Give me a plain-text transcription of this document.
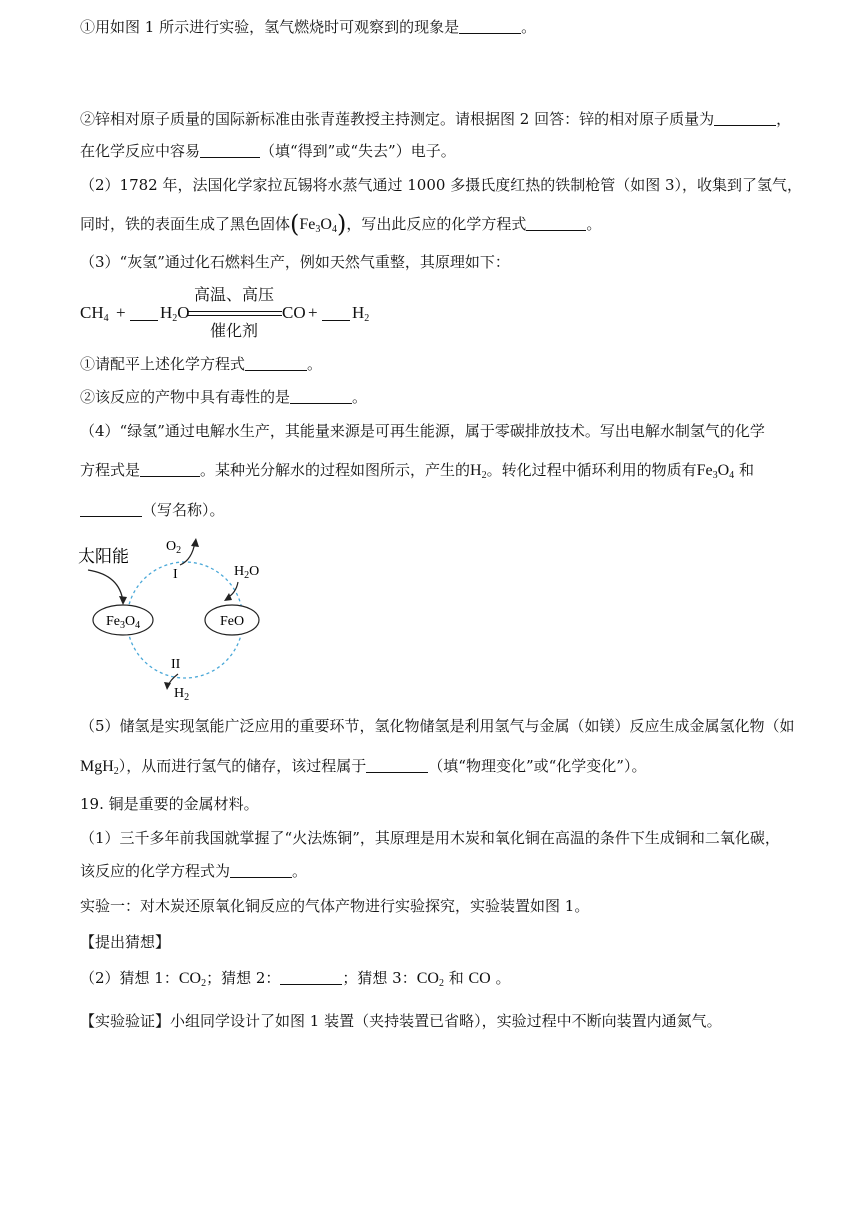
①用如图 1 所示进行实验，氢气燃烧时可观察到的现象是	。
②锌相对原子质量的国际新标准由张青莲教授主持测定。请根据图 2 回答：锌的相对原子质量为	，
在化学反应中容易	（填“得到”或“失去”）电子。
（2）1782 年，法国化学家拉瓦锡将水蒸气通过 1000 多摄氏度红热的铁制枪管（如图 3），收集到了氢气，
同时，铁的表面生成了黑色固体$(Fe_3O_4)$，写出此反应的化学方程式	。
（3）“灰氢”通过化石燃料生产，例如天然气重整，其原理如下：
$CH_4 + H_2O$
高温、高压
催化剂
CO + $H_2$
①请配平上述化学方程式	。
②该反应的产物中具有毒性的是	。
（4）“绿氢”通过电解水生产，其能量来源是可再生能源，属于零碳排放技术。写出电解水制氢气的化学
方程式是	。某种光分解水的过程如图所示，产生的$H_2$。转化过程中循环利用的物质有$Fe_3O_4$ 和
（写名称）。
$Fe_3O_4$	FeO
太阳能
$O_2$
I	$H_2O$
II
$H_2$
（5）储氢是实现氢能广泛应用的重要环节，氢化物储氢是利用氢气与金属（如镁）反应生成金属氢化物（如
MgH$_2$），从而进行氢气的储存，该过程属于	（填“物理变化”或“化学变化”）。
19. 铜是重要的金属材料。
（1）三千多年前我国就掌握了“火法炼铜”，其原理是用木炭和氧化铜在高温的条件下生成铜和二氧化碳，
该反应的化学方程式为	。
实验一：对木炭还原氧化铜反应的气体产物进行实验探究，实验装置如图 1。
【提出猜想】
（2）猜想 1：$CO_2$；猜想 2：	；猜想 3：$CO_2$ 和 CO 。
【实验验证】小组同学设计了如图 1 装置（夹持装置已省略），实验过程中不断向装置内通氮气。
